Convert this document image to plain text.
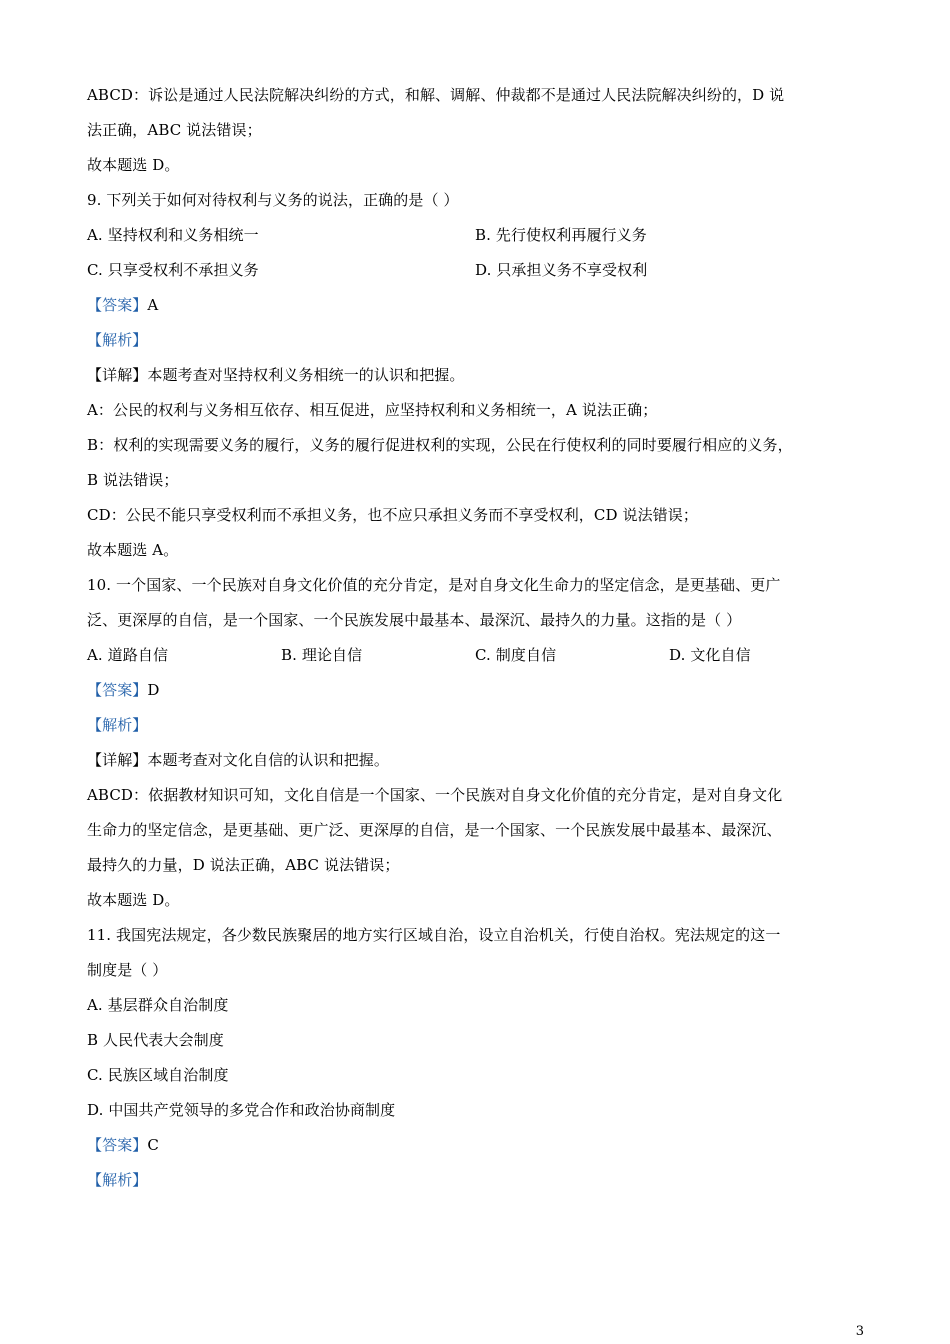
ABCD：诉讼是通过人民法院解决纠纷的方式，和解、调解、仲裁都不是通过人民法院解决纠纷的，D 说
法正确，ABC 说法错误；
故本题选 D。
9. 下列关于如何对待权利与义务的说法，正确的是（ ）
A. 坚持权利和义务相统一	B. 先行使权利再履行义务
C. 只享受权利不承担义务	D. 只承担义务不享受权利
【答案】A
【解析】
【详解】本题考查对坚持权利义务相统一的认识和把握。
A：公民的权利与义务相互依存、相互促进，应坚持权利和义务相统一，A 说法正确；
B：权利的实现需要义务的履行，义务的履行促进权利的实现，公民在行使权利的同时要履行相应的义务，
B 说法错误；
CD：公民不能只享受权利而不承担义务，也不应只承担义务而不享受权利，CD 说法错误；
故本题选 A。
10. 一个国家、一个民族对自身文化价值的充分肯定，是对自身文化生命力的坚定信念，是更基础、更广
泛、更深厚的自信，是一个国家、一个民族发展中最基本、最深沉、最持久的力量。这指的是（ ）
A. 道路自信	B. 理论自信	C. 制度自信	D. 文化自信
【答案】D
【解析】
【详解】本题考查对文化自信的认识和把握。
ABCD：依据教材知识可知，文化自信是一个国家、一个民族对自身文化价值的充分肯定，是对自身文化
生命力的坚定信念，是更基础、更广泛、更深厚的自信，是一个国家、一个民族发展中最基本、最深沉、
最持久的力量，D 说法正确，ABC 说法错误；
故本题选 D。
11. 我国宪法规定，各少数民族聚居的地方实行区域自治，设立自治机关，行使自治权。宪法规定的这一
制度是（ ）
A. 基层群众自治制度
B 人民代表大会制度
C. 民族区域自治制度
D. 中国共产党领导的多党合作和政治协商制度
【答案】C
【解析】
3
